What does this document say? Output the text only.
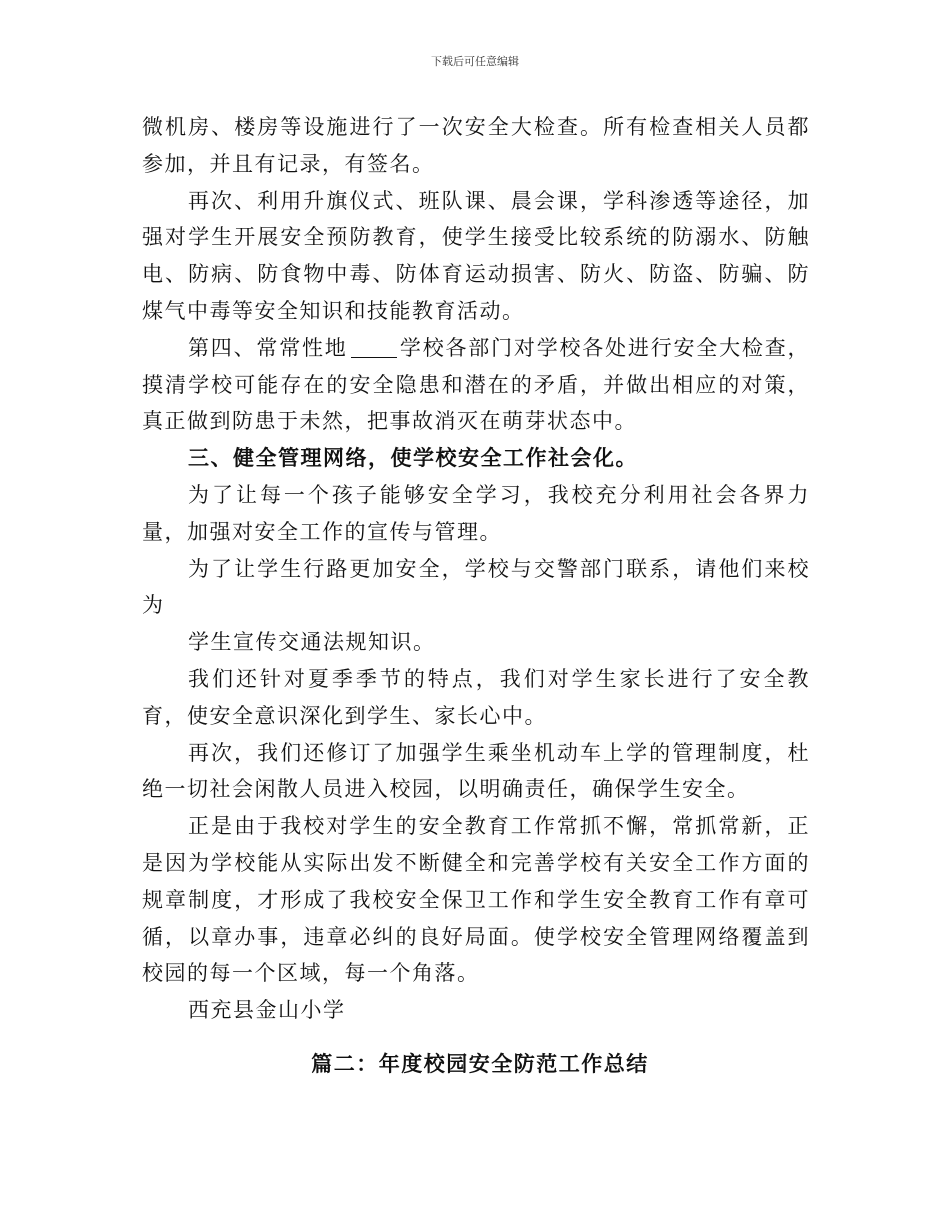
下载后可任意编辑

微机房、楼房等设施进行了一次安全大检查。所有检查相关人员都参加，并且有记录，有签名。

再次、利用升旗仪式、班队课、晨会课，学科渗透等途径，加强对学生开展安全预防教育，使学生接受比较系统的防溺水、防触电、防病、防食物中毒、防体育运动损害、防火、防盗、防骗、防煤气中毒等安全知识和技能教育活动。

第四、常常性地 学校各部门对学校各处进行安全大检查，摸清学校可能存在的安全隐患和潜在的矛盾，并做出相应的对策，真正做到防患于未然，把事故消灭在萌芽状态中。

三、健全管理网络，使学校安全工作社会化。

为了让每一个孩子能够安全学习，我校充分利用社会各界力量，加强对安全工作的宣传与管理。

为了让学生行路更加安全，学校与交警部门联系，请他们来校为

学生宣传交通法规知识。

我们还针对夏季季节的特点，我们对学生家长进行了安全教育，使安全意识深化到学生、家长心中。

再次，我们还修订了加强学生乘坐机动车上学的管理制度，杜绝一切社会闲散人员进入校园，以明确责任，确保学生安全。

正是由于我校对学生的安全教育工作常抓不懈，常抓常新，正是因为学校能从实际出发不断健全和完善学校有关安全工作方面的规章制度，才形成了我校安全保卫工作和学生安全教育工作有章可循，以章办事，违章必纠的良好局面。使学校安全管理网络覆盖到校园的每一个区域，每一个角落。

西充县金山小学

篇二：年度校园安全防范工作总结
